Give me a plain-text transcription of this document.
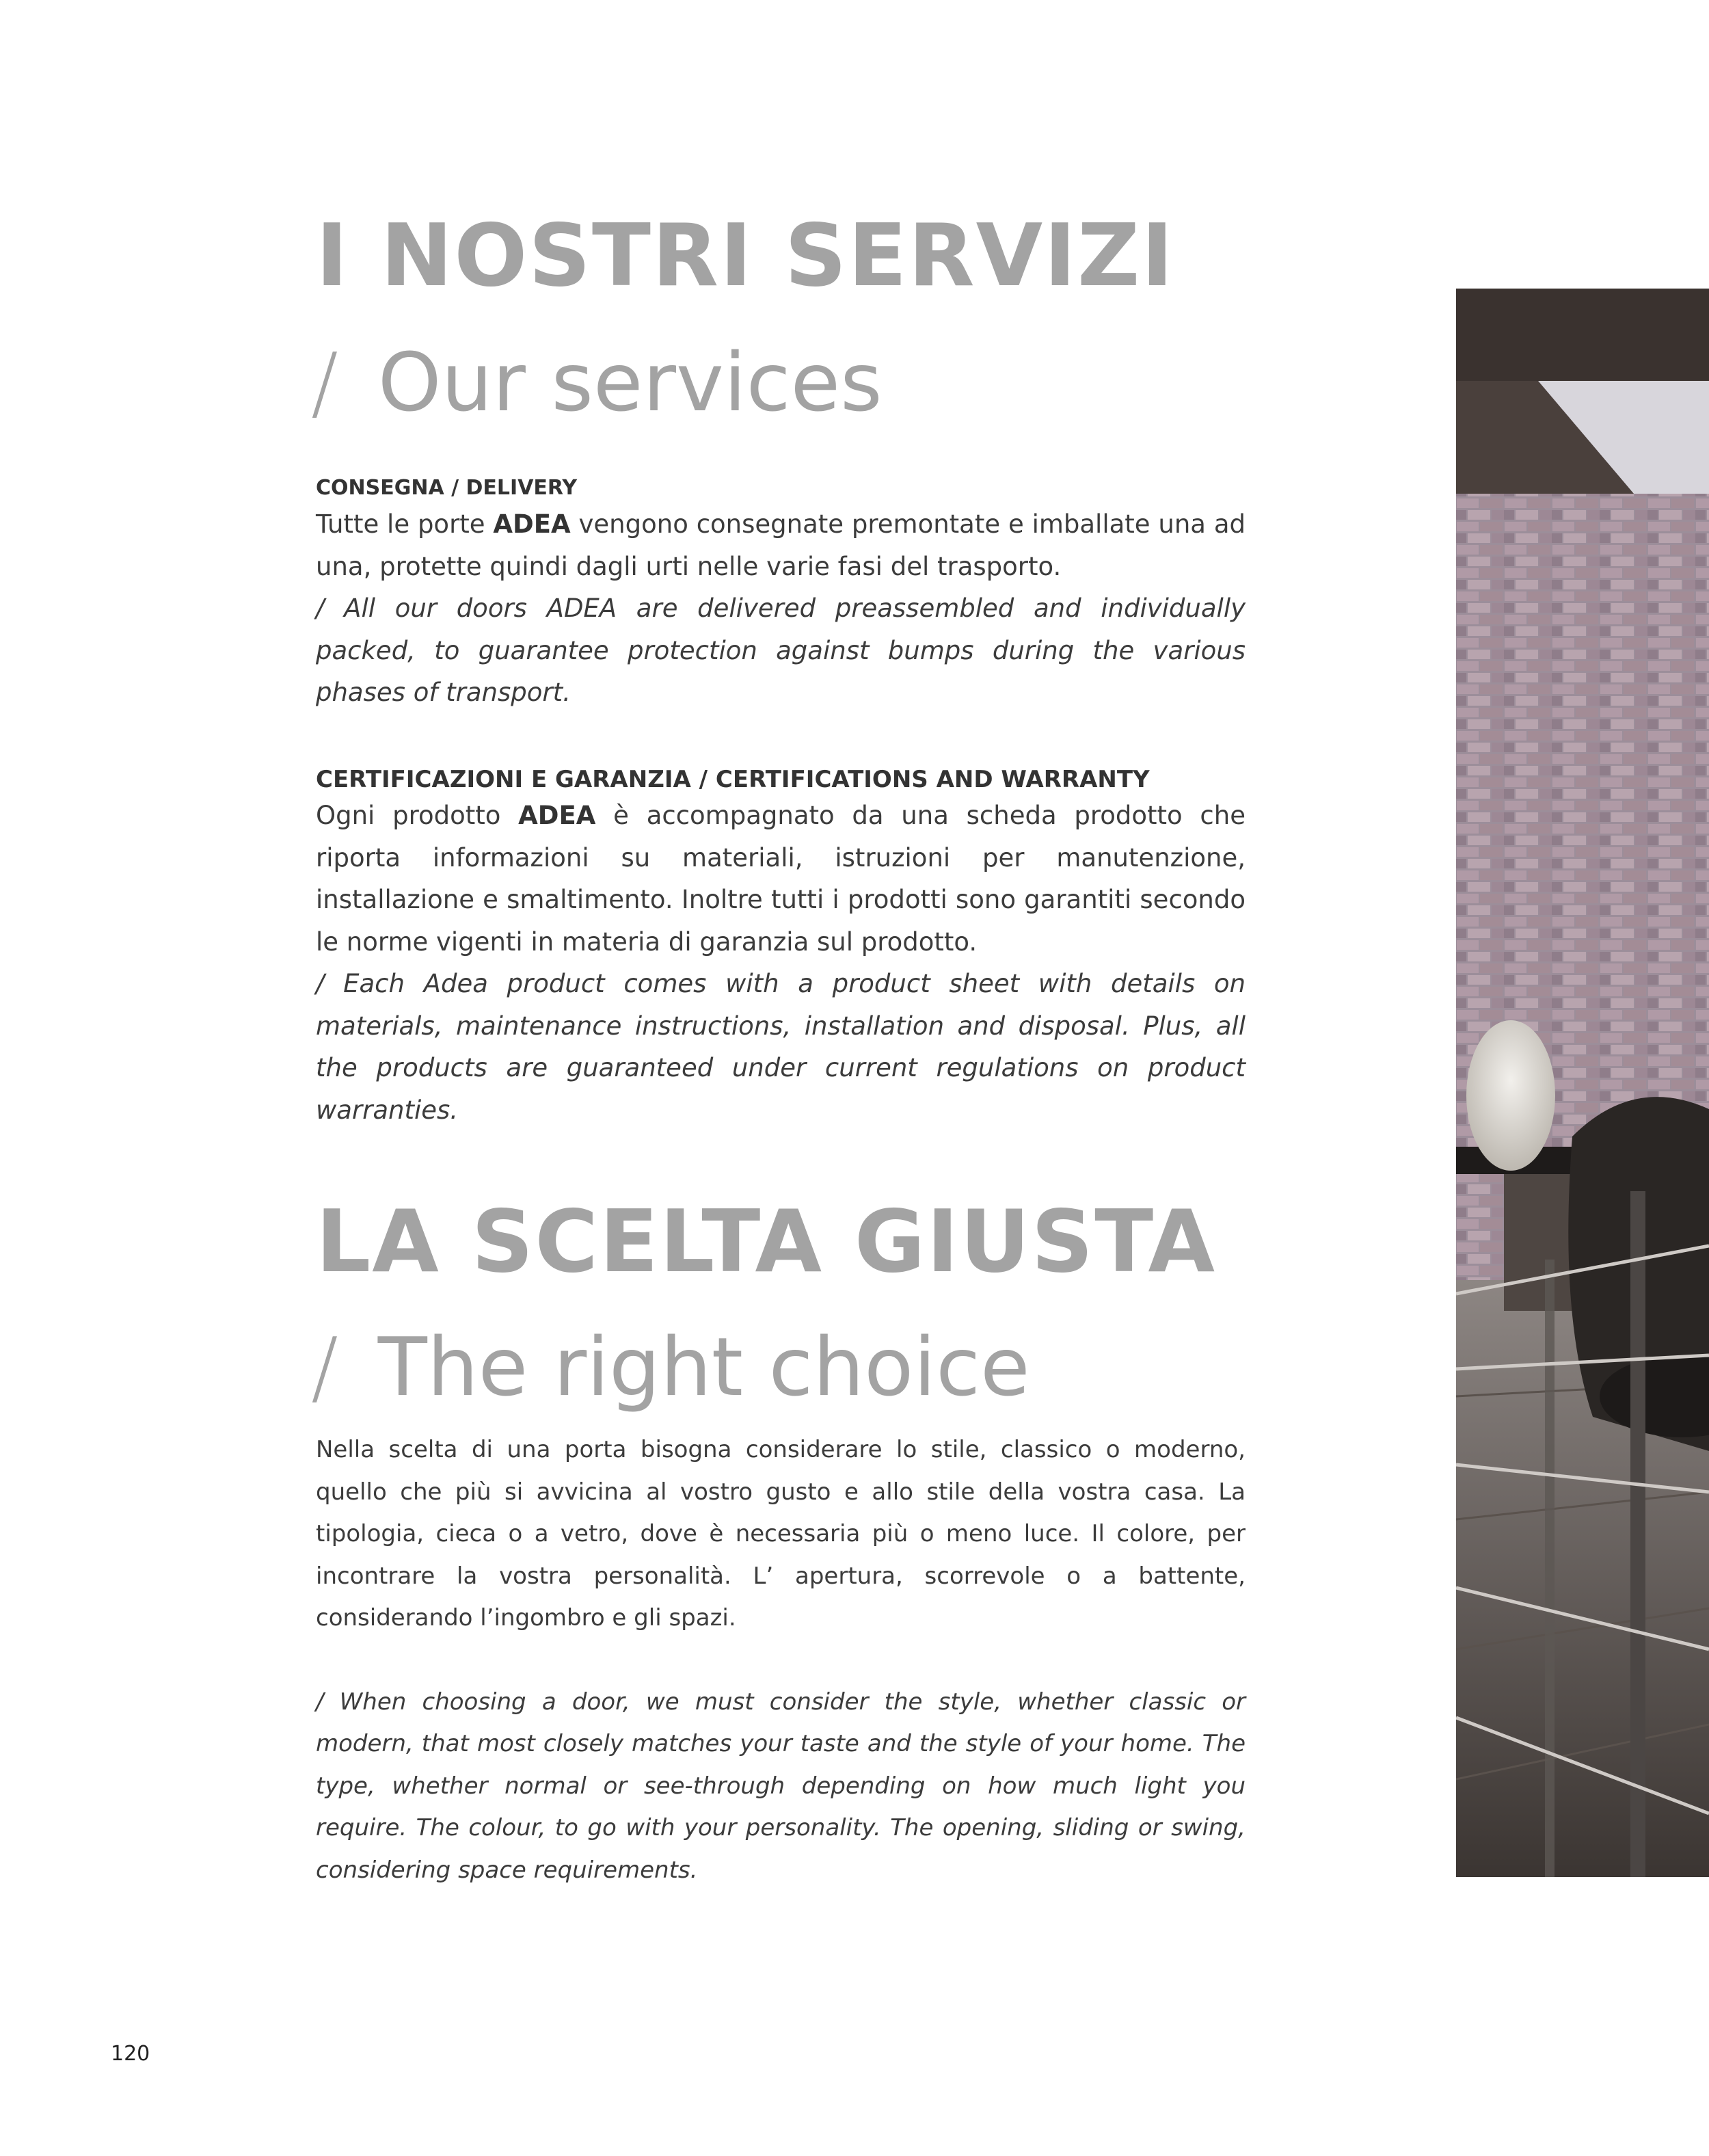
I NOSTRI SERVIZI
/ Our services

CONSEGNA / DELIVERY

Tutte le porte ADEA vengono consegnate premontate e imballate una ad una, protette quindi dagli urti nelle varie fasi del trasporto.

/ All our doors ADEA are delivered preassembled and individually packed, to guarantee protection against bumps during the various phases of transport.

CERTIFICAZIONI E GARANZIA / CERTIFICATIONS AND WARRANTY

Ogni prodotto ADEA è accompagnato da una scheda prodotto che riporta informazioni su materiali, istruzioni per manutenzione, installazione e smaltimento. Inoltre tutti i prodotti sono garantiti secondo le norme vigenti in materia di garanzia sul prodotto.

/ Each Adea product comes with a product sheet with details on materials, maintenance instructions, installation and disposal. Plus, all the products are guaranteed under current regulations on product warranties.

LA SCELTA GIUSTA
/ The right choice

Nella scelta di una porta bisogna considerare lo stile, classico o moderno, quello che più si avvicina al vostro gusto e allo stile della vostra casa. La tipologia, cieca o a vetro, dove è necessaria più o meno luce. Il colore, per incontrare la vostra personalità. L’ apertura, scorrevole o a battente, considerando l’ingombro e gli spazi.

/ When choosing a door, we must consider the style, whether classic or modern, that most closely matches your taste and the style of your home. The type, whether normal or see-through depending on how much light you require. The colour, to go with your personality. The opening, sliding or swing, considering space requirements.

120
